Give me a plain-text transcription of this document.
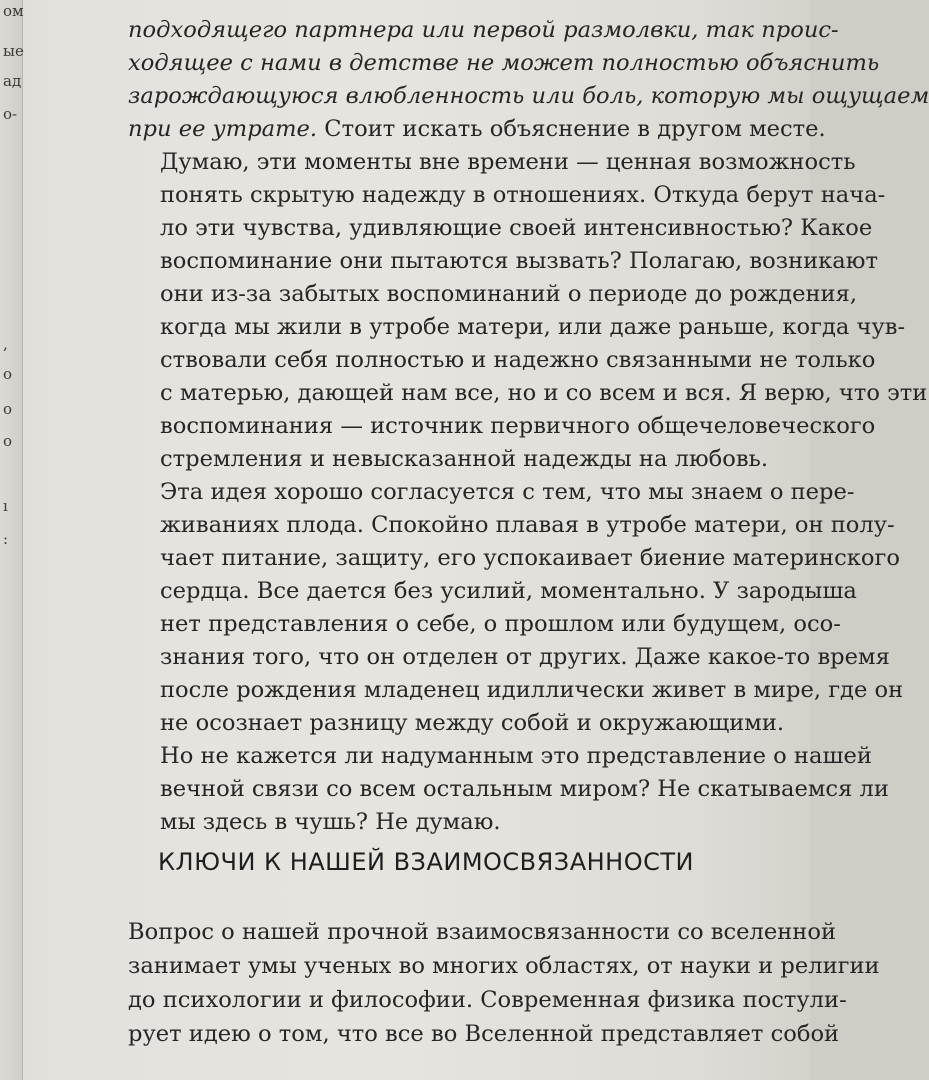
ом
ые
ад
о-
,
о
о
о
ı
:

подходящего партнера или первой размолвки, так проис-
ходящее с нами в детстве не может полностью объяснить
зарождающуюся влюбленность или боль, которую мы ощущаем
при ее утрате. Стоит искать объяснение в другом месте.

Думаю, эти моменты вне времени — ценная возможность
понять скрытую надежду в отношениях. Откуда берут нача-
ло эти чувства, удивляющие своей интенсивностью? Какое
воспоминание они пытаются вызвать? Полагаю, возникают
они из-за забытых воспоминаний о периоде до рождения,
когда мы жили в утробе матери, или даже раньше, когда чув-
ствовали себя полностью и надежно связанными не только
с матерью, дающей нам все, но и со всем и вся. Я верю, что эти
воспоминания — источник первичного общечеловеческого
стремления и невысказанной надежды на любовь.

Эта идея хорошо согласуется с тем, что мы знаем о пере-
живаниях плода. Спокойно плавая в утробе матери, он полу-
чает питание, защиту, его успокаивает биение материнского
сердца. Все дается без усилий, моментально. У зародыша
нет представления о себе, о прошлом или будущем, осо-
знания того, что он отделен от других. Даже какое-то время
после рождения младенец идиллически живет в мире, где он
не осознает разницу между собой и окружающими.

Но не кажется ли надуманным это представление о нашей
вечной связи со всем остальным миром? Не скатываемся ли
мы здесь в чушь? Не думаю.

КЛЮЧИ К НАШЕЙ ВЗАИМОСВЯЗАННОСТИ
Вопрос о нашей прочной взаимосвязанности со вселенной
занимает умы ученых во многих областях, от науки и религии
до психологии и философии. Современная физика постули-
рует идею о том, что все во Вселенной представляет собой
